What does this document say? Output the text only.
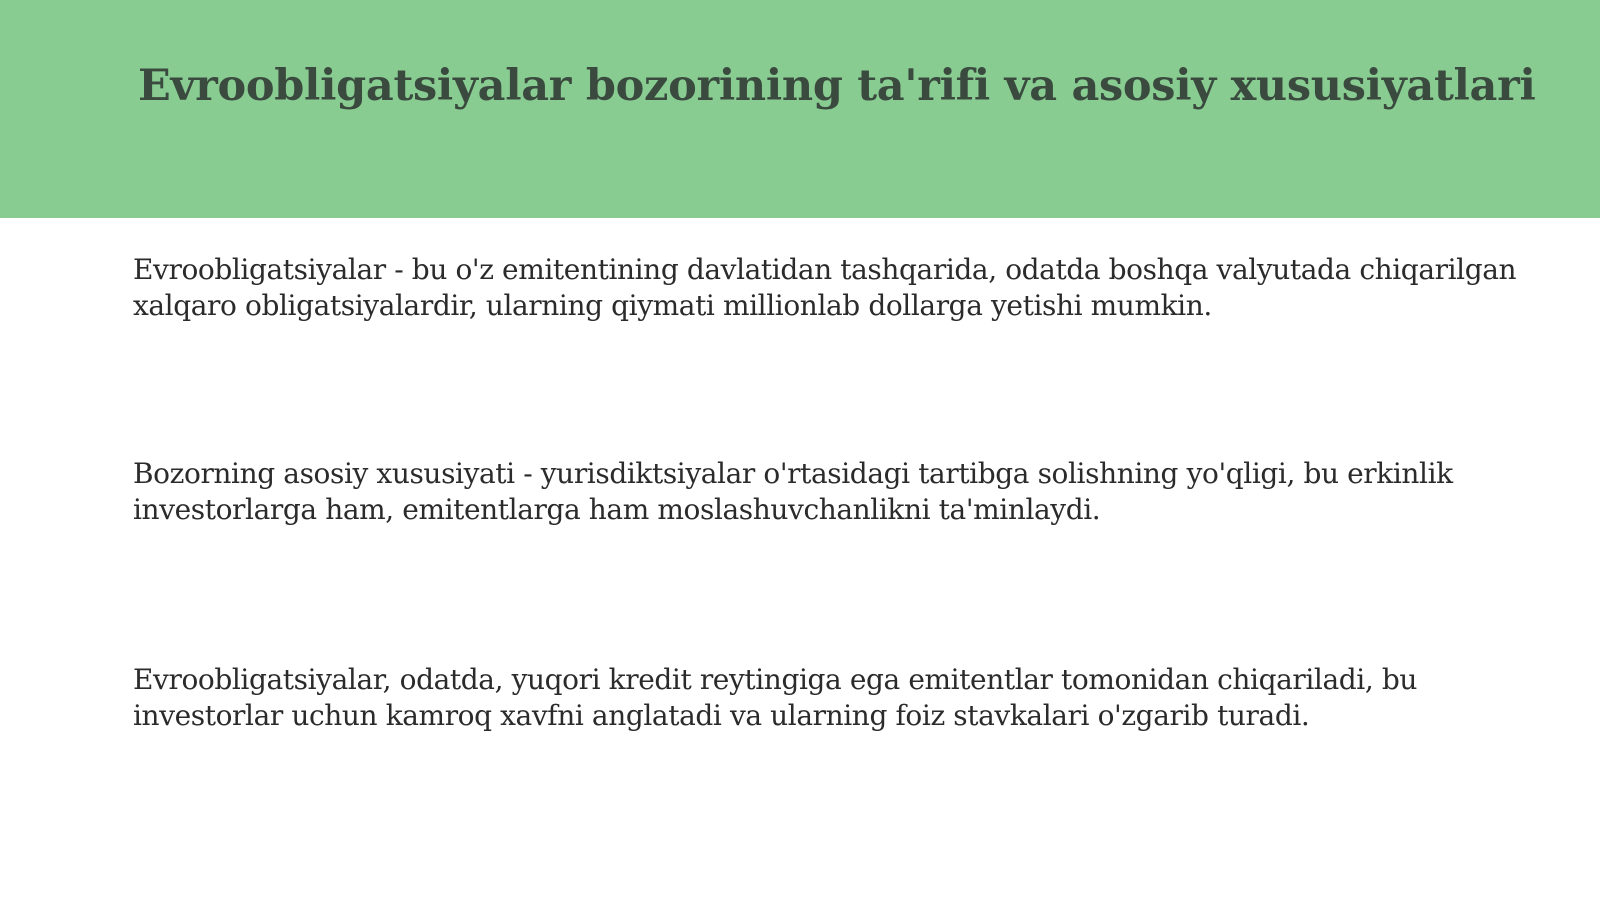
Evroobligatsiyalar bozorining ta'rifi va asosiy xususiyatlari

Evroobligatsiyalar - bu o'z emitentining davlatidan tashqarida, odatda boshqa valyutada chiqarilgan xalqaro obligatsiyalardir, ularning qiymati millionlab dollarga yetishi mumkin.

Bozorning asosiy xususiyati - yurisdiktsiyalar o'rtasidagi tartibga solishning yo'qligi, bu erkinlik investorlarga ham, emitentlarga ham moslashuvchanlikni ta'minlaydi.

Evroobligatsiyalar, odatda, yuqori kredit reytingiga ega emitentlar tomonidan chiqariladi, bu investorlar uchun kamroq xavfni anglatadi va ularning foiz stavkalari o'zgarib turadi.
